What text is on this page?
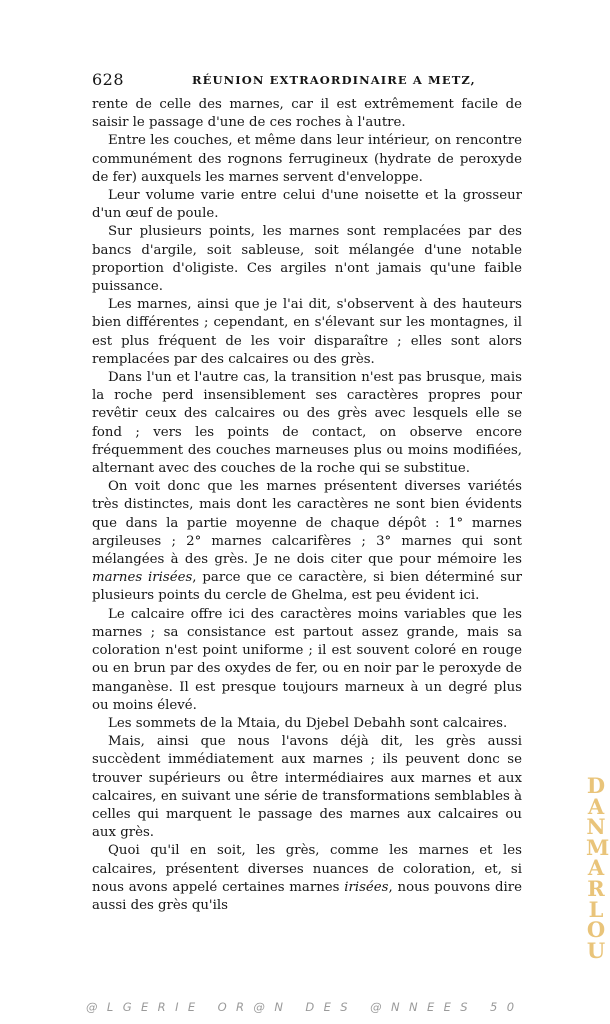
628	RÉUNION EXTRAORDINAIRE A METZ,

rente de celle des marnes, car il est extrêmement facile de saisir le passage d'une de ces roches à l'autre.

Entre les couches, et même dans leur intérieur, on rencontre communément des rognons ferrugineux (hydrate de peroxyde de fer) auxquels les marnes servent d'enveloppe.

Leur volume varie entre celui d'une noisette et la grosseur d'un œuf de poule.

Sur plusieurs points, les marnes sont remplacées par des bancs d'argile, soit sableuse, soit mélangée d'une notable proportion d'oligiste. Ces argiles n'ont jamais qu'une faible puissance.

Les marnes, ainsi que je l'ai dit, s'observent à des hauteurs bien différentes ; cependant, en s'élevant sur les montagnes, il est plus fréquent de les voir disparaître ; elles sont alors remplacées par des calcaires ou des grès.

Dans l'un et l'autre cas, la transition n'est pas brusque, mais la roche perd insensiblement ses caractères propres pour revêtir ceux des calcaires ou des grès avec lesquels elle se fond ; vers les points de contact, on observe encore fréquemment des couches marneuses plus ou moins modifiées, alternant avec des couches de la roche qui se substitue.

On voit donc que les marnes présentent diverses variétés très distinctes, mais dont les caractères ne sont bien évidents que dans la partie moyenne de chaque dépôt : 1° marnes argileuses ; 2° marnes calcarifères ; 3° marnes qui sont mélangées à des grès. Je ne dois citer que pour mémoire les marnes irisées, parce que ce caractère, si bien déterminé sur plusieurs points du cercle de Ghelma, est peu évident ici.

Le calcaire offre ici des caractères moins variables que les marnes ; sa consistance est partout assez grande, mais sa coloration n'est point uniforme ; il est souvent coloré en rouge ou en brun par des oxydes de fer, ou en noir par le peroxyde de manganèse. Il est presque toujours marneux à un degré plus ou moins élevé.

Les sommets de la Mtaia, du Djebel Debahh sont calcaires.

Mais, ainsi que nous l'avons déjà dit, les grès aussi succèdent immédiatement aux marnes ; ils peuvent donc se trouver supérieurs ou être intermédiaires aux marnes et aux calcaires, en suivant une série de transformations semblables à celles qui marquent le passage des marnes aux calcaires ou aux grès.

Quoi qu'il en soit, les grès, comme les marnes et les calcaires, présentent diverses nuances de coloration, et, si nous avons appelé certaines marnes irisées, nous pouvons dire aussi des grès qu'ils

DANMARLOU
@LGERIE OR@N DES @NNEES 50
